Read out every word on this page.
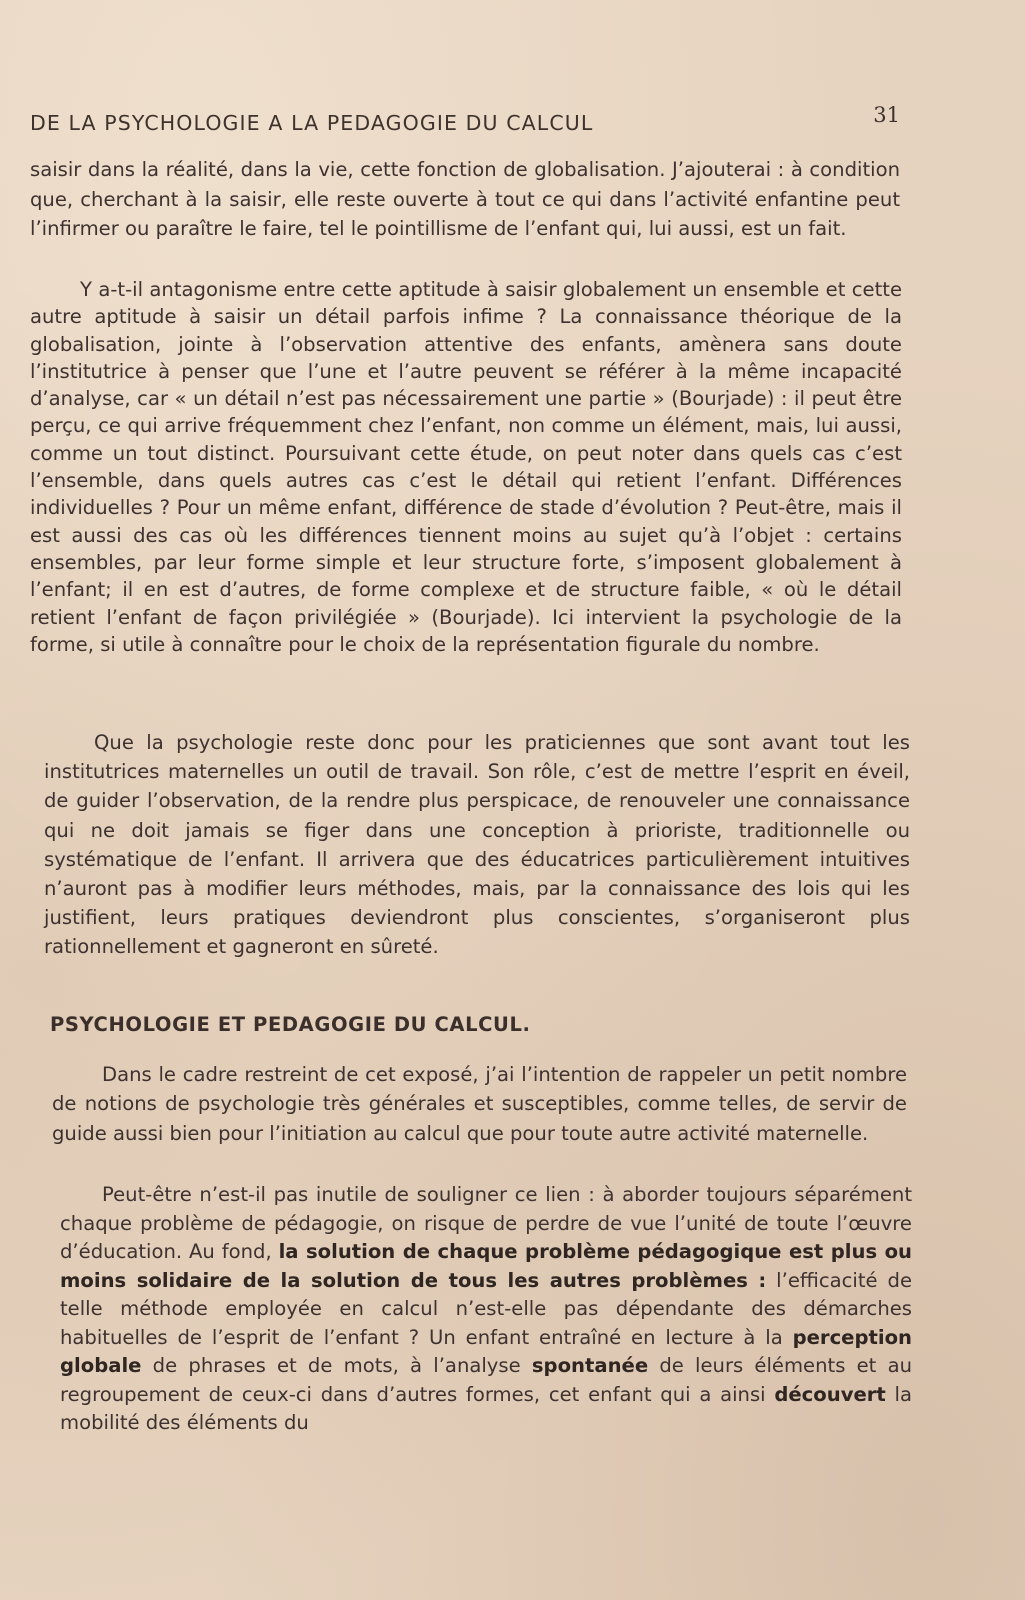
DE LA PSYCHOLOGIE A LA PEDAGOGIE DU CALCUL	31
saisir dans la réalité, dans la vie, cette fonction de globalisation. J’ajouterai : à condition que, cherchant à la saisir, elle reste ouverte à tout ce qui dans l’activité enfantine peut l’infirmer ou paraître le faire, tel le pointillisme de l’enfant qui, lui aussi, est un fait.
Y a-t-il antagonisme entre cette aptitude à saisir globalement un ensemble et cette autre aptitude à saisir un détail parfois infime ? La connaissance théorique de la globalisation, jointe à l’observation attentive des enfants, amènera sans doute l’institutrice à penser que l’une et l’autre peuvent se référer à la même incapacité d’analyse, car « un détail n’est pas nécessairement une partie » (Bourjade) : il peut être perçu, ce qui arrive fréquemment chez l’enfant, non comme un élément, mais, lui aussi, comme un tout distinct. Poursuivant cette étude, on peut noter dans quels cas c’est l’ensemble, dans quels autres cas c’est le détail qui retient l’enfant. Différences individuelles ? Pour un même enfant, différence de stade d’évolution ? Peut-être, mais il est aussi des cas où les différences tiennent moins au sujet qu’à l’objet : certains ensembles, par leur forme simple et leur structure forte, s’imposent globalement à l’enfant; il en est d’autres, de forme complexe et de structure faible, « où le détail retient l’enfant de façon privilégiée » (Bourjade). Ici intervient la psychologie de la forme, si utile à connaître pour le choix de la représentation figurale du nombre.
Que la psychologie reste donc pour les praticiennes que sont avant tout les institutrices maternelles un outil de travail. Son rôle, c’est de mettre l’esprit en éveil, de guider l’observation, de la rendre plus perspicace, de renouveler une connaissance qui ne doit jamais se figer dans une conception à prioriste, traditionnelle ou systématique de l’enfant. Il arrivera que des éducatrices particulièrement intuitives n’auront pas à modifier leurs méthodes, mais, par la connaissance des lois qui les justifient, leurs pratiques deviendront plus conscientes, s’organiseront plus rationnellement et gagneront en sûreté.
PSYCHOLOGIE ET PEDAGOGIE DU CALCUL.
Dans le cadre restreint de cet exposé, j’ai l’intention de rappeler un petit nombre de notions de psychologie très générales et susceptibles, comme telles, de servir de guide aussi bien pour l’initiation au calcul que pour toute autre activité maternelle.
Peut-être n’est-il pas inutile de souligner ce lien : à aborder toujours séparément chaque problème de pédagogie, on risque de perdre de vue l’unité de toute l’œuvre d’éducation. Au fond, la solution de chaque problème pédagogique est plus ou moins solidaire de la solution de tous les autres problèmes : l’efficacité de telle méthode employée en calcul n’est-elle pas dépendante des démarches habituelles de l’esprit de l’enfant ? Un enfant entraîné en lecture à la perception globale de phrases et de mots, à l’analyse spontanée de leurs éléments et au regroupement de ceux-ci dans d’autres formes, cet enfant qui a ainsi découvert la mobilité des éléments du
